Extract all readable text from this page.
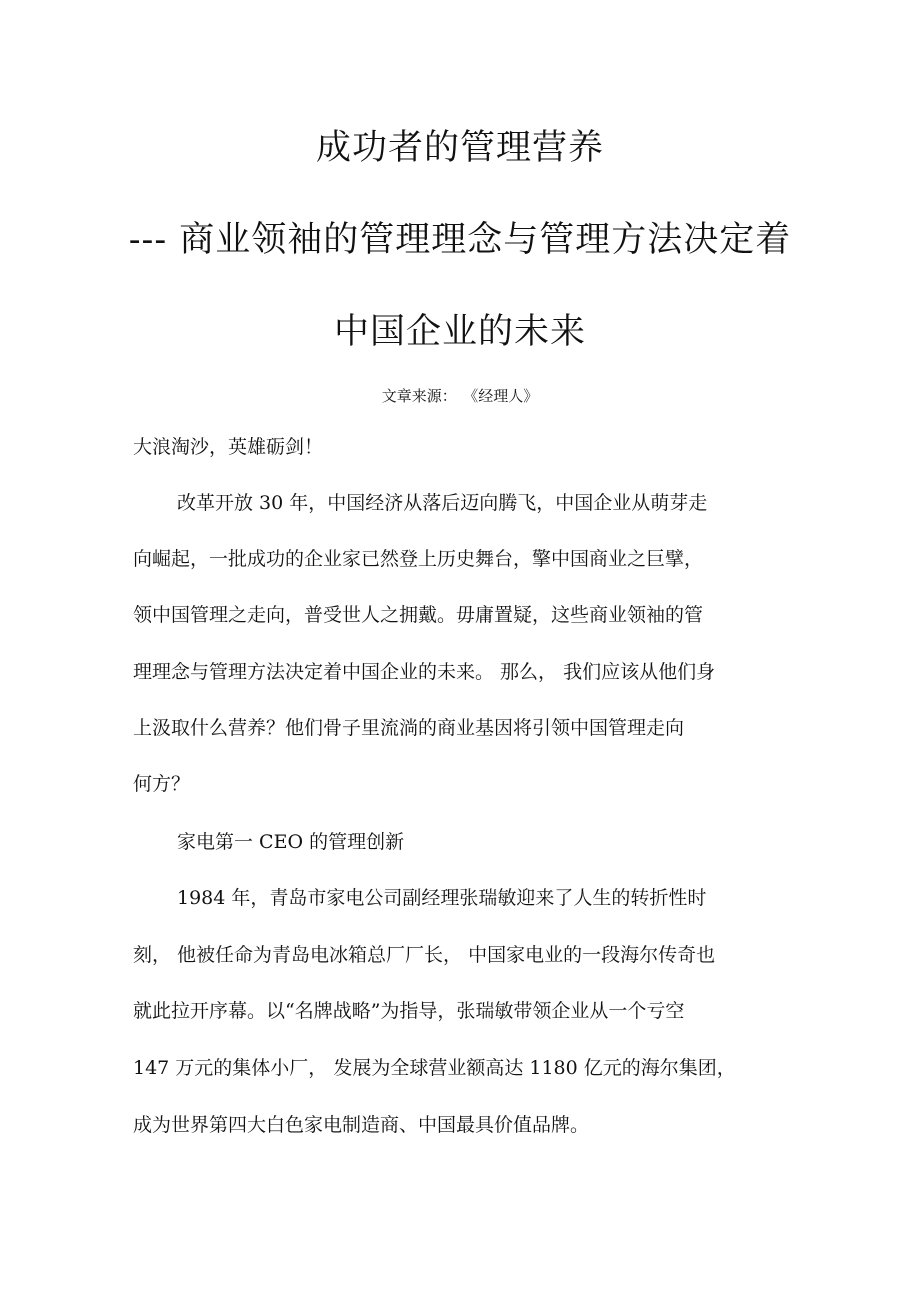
成功者的管理营养
--- 商业领袖的管理理念与管理方法决定着
中国企业的未来
文章来源： 《经理人》
大浪淘沙，英雄砺剑！
改革开放 30 年，中国经济从落后迈向腾飞，中国企业从萌芽走
向崛起，一批成功的企业家已然登上历史舞台，擎中国商业之巨擘，
领中国管理之走向，普受世人之拥戴。毋庸置疑，这些商业领袖的管
理理念与管理方法决定着中国企业的未来。 那么， 我们应该从他们身
上汲取什么营养？他们骨子里流淌的商业基因将引领中国管理走向
何方？
家电第一 CEO 的管理创新
1984 年，青岛市家电公司副经理张瑞敏迎来了人生的转折性时
刻， 他被任命为青岛电冰箱总厂厂长， 中国家电业的一段海尔传奇也
就此拉开序幕。以“名牌战略”为指导，张瑞敏带领企业从一个亏空
147 万元的集体小厂， 发展为全球营业额高达 1180 亿元的海尔集团，
成为世界第四大白色家电制造商、中国最具价值品牌。
